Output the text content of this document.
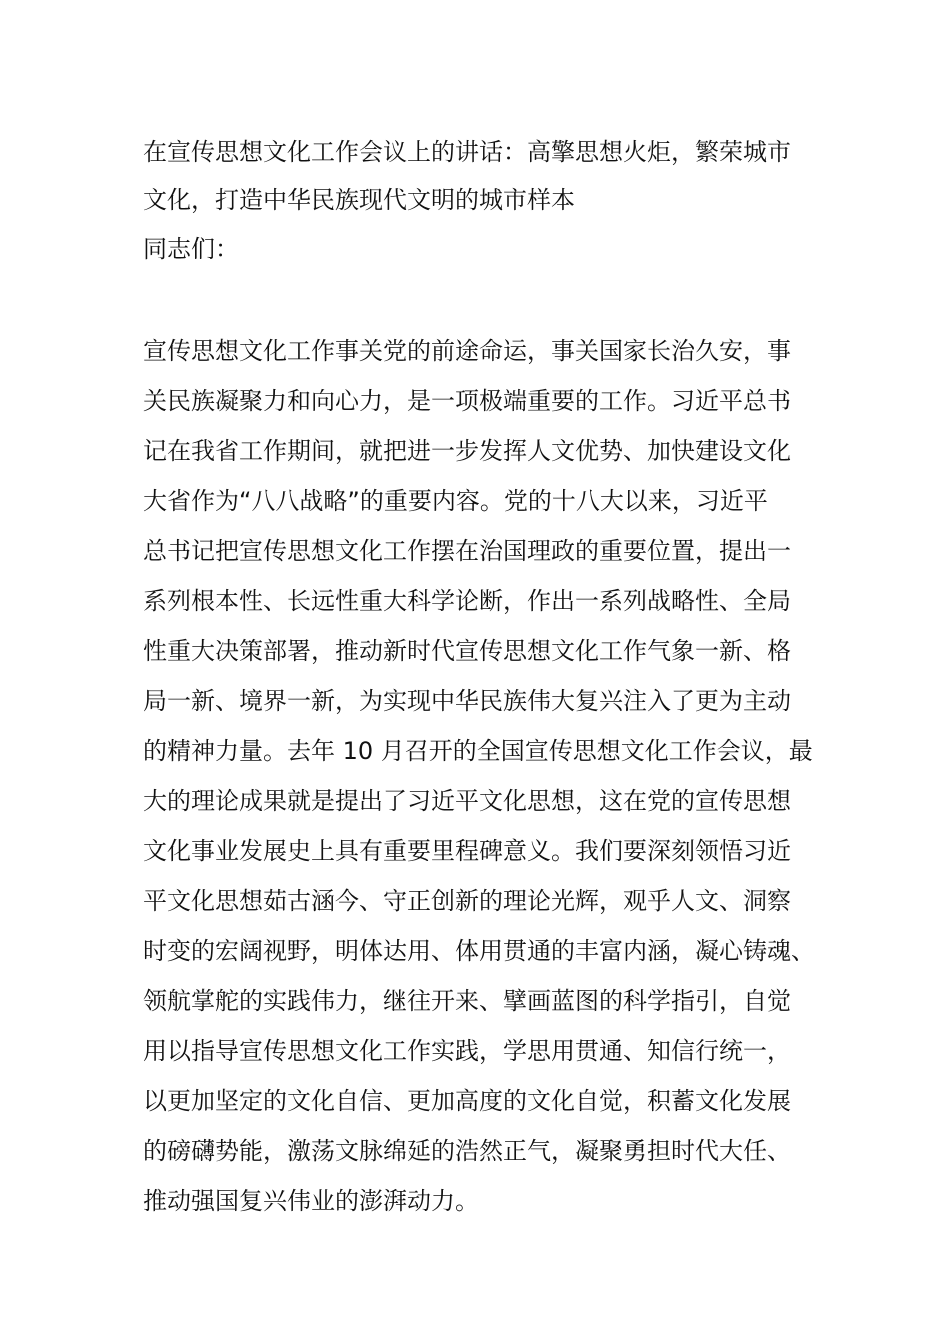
在宣传思想文化工作会议上的讲话：高擎思想火炬，繁荣城市
文化，打造中华民族现代文明的城市样本
同志们：
宣传思想文化工作事关党的前途命运，事关国家长治久安，事
关民族凝聚力和向心力，是一项极端重要的工作。习近平总书
记在我省工作期间，就把进一步发挥人文优势、加快建设文化
大省作为“八八战略”的重要内容。党的十八大以来，习近平
总书记把宣传思想文化工作摆在治国理政的重要位置，提出一
系列根本性、长远性重大科学论断，作出一系列战略性、全局
性重大决策部署，推动新时代宣传思想文化工作气象一新、格
局一新、境界一新，为实现中华民族伟大复兴注入了更为主动
的精神力量。去年 10 月召开的全国宣传思想文化工作会议，最
大的理论成果就是提出了习近平文化思想，这在党的宣传思想
文化事业发展史上具有重要里程碑意义。我们要深刻领悟习近
平文化思想茹古涵今、守正创新的理论光辉，观乎人文、洞察
时变的宏阔视野，明体达用、体用贯通的丰富内涵，凝心铸魂、
领航掌舵的实践伟力，继往开来、擘画蓝图的科学指引，自觉
用以指导宣传思想文化工作实践，学思用贯通、知信行统一，
以更加坚定的文化自信、更加高度的文化自觉，积蓄文化发展
的磅礴势能，激荡文脉绵延的浩然正气，凝聚勇担时代大任、
推动强国复兴伟业的澎湃动力。
